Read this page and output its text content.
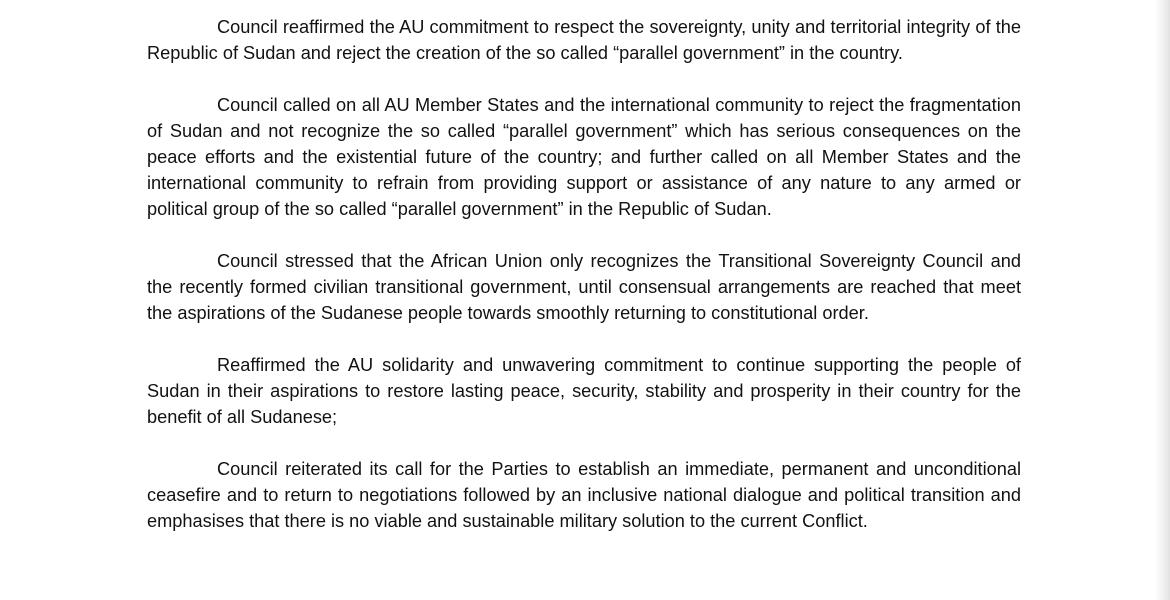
Council reaffirmed the AU commitment to respect the sovereignty, unity and territorial integrity of the Republic of Sudan and reject the creation of the so called “parallel government” in the country.

Council called on all AU Member States and the international community to reject the fragmentation of Sudan and not recognize the so called “parallel government” which has serious consequences on the peace efforts and the existential future of the country; and further called on all Member States and the international community to refrain from providing support or assistance of any nature to any armed or political group of the so called “parallel government” in the Republic of Sudan.

Council stressed that the African Union only recognizes the Transitional Sovereignty Council and the recently formed civilian transitional government, until consensual arrangements are reached that meet the aspirations of the Sudanese people towards smoothly returning to constitutional order.

Reaffirmed the AU solidarity and unwavering commitment to continue supporting the people of Sudan in their aspirations to restore lasting peace, security, stability and prosperity in their country for the benefit of all Sudanese;

Council reiterated its call for the Parties to establish an immediate, permanent and unconditional ceasefire and to return to negotiations followed by an inclusive national dialogue and political transition and emphasises that there is no viable and sustainable military solution to the current Conflict.
